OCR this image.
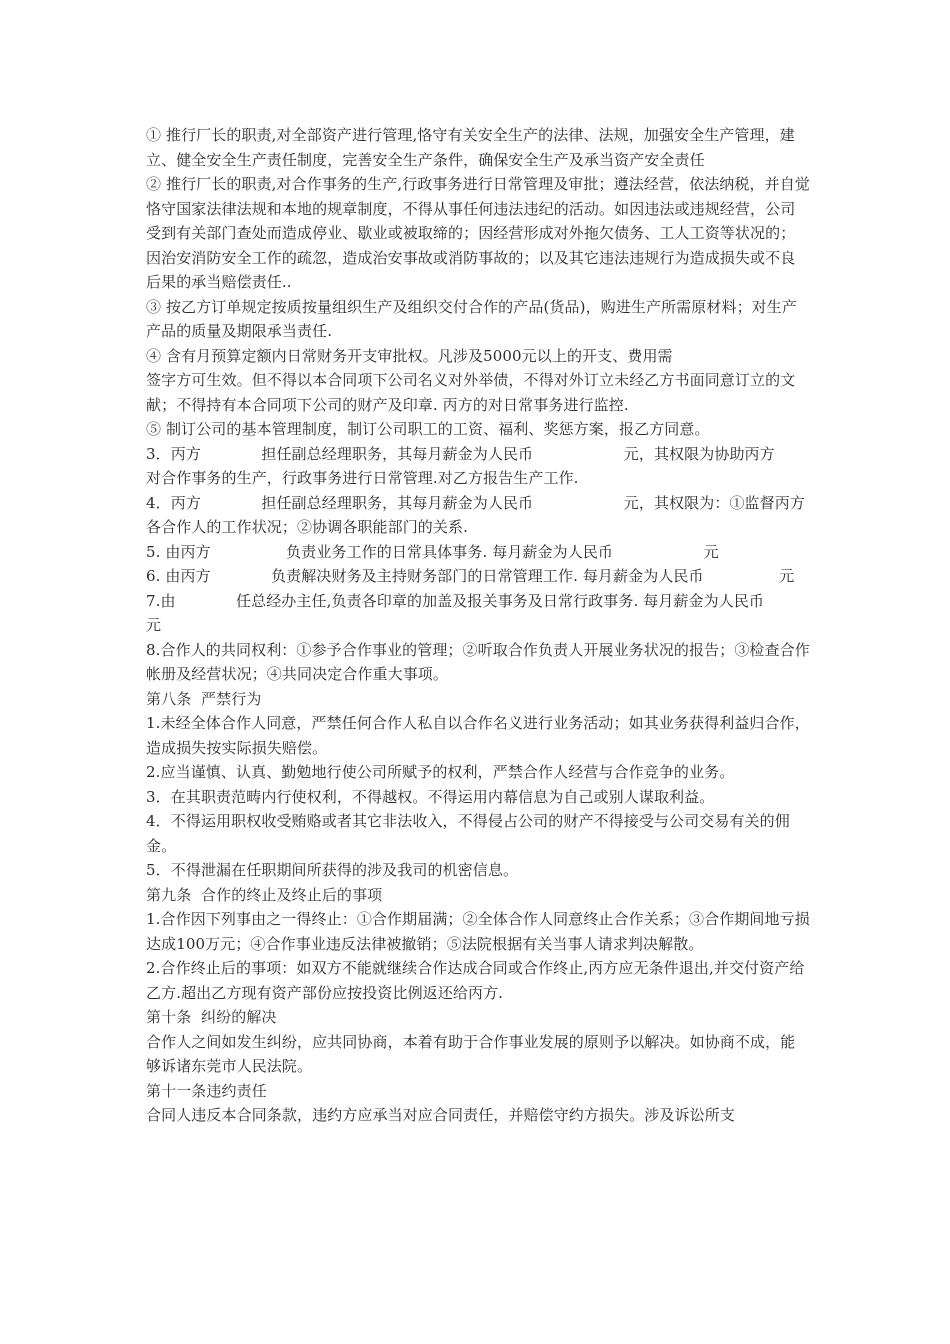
① 推行厂长的职责,对全部资产进行管理,恪守有关安全生产的法律、法规，加强安全生产管理，建立、健全安全生产责任制度，完善安全生产条件，确保安全生产及承当资产安全责任

② 推行厂长的职责,对合作事务的生产,行政事务进行日常管理及审批；遵法经营，依法纳税，并自觉恪守国家法律法规和本地的规章制度，不得从事任何违法违纪的活动。如因违法或违规经营，公司受到有关部门查处而造成停业、歇业或被取缔的；因经营形成对外拖欠债务、工人工资等状况的；因治安消防安全工作的疏忽，造成治安事故或消防事故的；以及其它违法违规行为造成损失或不良后果的承当赔偿责任..

③ 按乙方订单规定按质按量组织生产及组织交付合作的产品(货品)，购进生产所需原材料；对生产产品的质量及期限承当责任.

④ 含有月预算定额内日常财务开支审批权。凡涉及5000元以上的开支、费用需

签字方可生效。但不得以本合同项下公司名义对外举债，不得对外订立未经乙方书面同意订立的文献；不得持有本合同项下公司的财产及印章. 丙方的对日常事务进行监控.

⑤ 制订公司的基本管理制度，制订公司职工的工资、福利、奖惩方案，报乙方同意。

3．丙方　　　　担任副总经理职务，其每月薪金为人民币　　　　　　元，其权限为协助丙方　　　　对合作事务的生产，行政事务进行日常管理.对乙方报告生产工作.

4．丙方　　　　担任副总经理职务，其每月薪金为人民币　　　　　　元，其权限为：①监督丙方各合作人的工作状况；②协调各职能部门的关系.

5. 由丙方　　　　　负责业务工作的日常具体事务. 每月薪金为人民币　　　　　　元

6. 由丙方　　　　负责解决财务及主持财务部门的日常管理工作. 每月薪金为人民币　　　　　元

7.由　　　　任总经办主任,负责各印章的加盖及报关事务及日常行政事务. 每月薪金为人民币　　　　　元

8.合作人的共同权利：①参予合作事业的管理；②听取合作负责人开展业务状况的报告；③检查合作帐册及经营状况；④共同决定合作重大事项。

第八条  严禁行为

1.未经全体合作人同意，严禁任何合作人私自以合作名义进行业务活动；如其业务获得利益归合作，造成损失按实际损失赔偿。

2.应当谨慎、认真、勤勉地行使公司所赋予的权利，严禁合作人经营与合作竞争的业务。

3．在其职责范畴内行使权利，不得越权。不得运用内幕信息为自己或别人谋取利益。

4．不得运用职权收受贿赂或者其它非法收入，不得侵占公司的财产不得接受与公司交易有关的佣金。

5．不得泄漏在任职期间所获得的涉及我司的机密信息。

第九条  合作的终止及终止后的事项

1.合作因下列事由之一得终止：①合作期届满；②全体合作人同意终止合作关系；③合作期间地亏损达成100万元；④合作事业违反法律被撤销；⑤法院根据有关当事人请求判决解散。

2.合作终止后的事项：如双方不能就继续合作达成合同或合作终止,丙方应无条件退出,并交付资产给乙方.超出乙方现有资产部份应按投资比例返还给丙方.

第十条  纠纷的解决

合作人之间如发生纠纷，应共同协商，本着有助于合作事业发展的原则予以解决。如协商不成，能够诉诸东莞市人民法院。

第十一条违约责任

合同人违反本合同条款，违约方应承当对应合同责任，并赔偿守约方损失。涉及诉讼所支
